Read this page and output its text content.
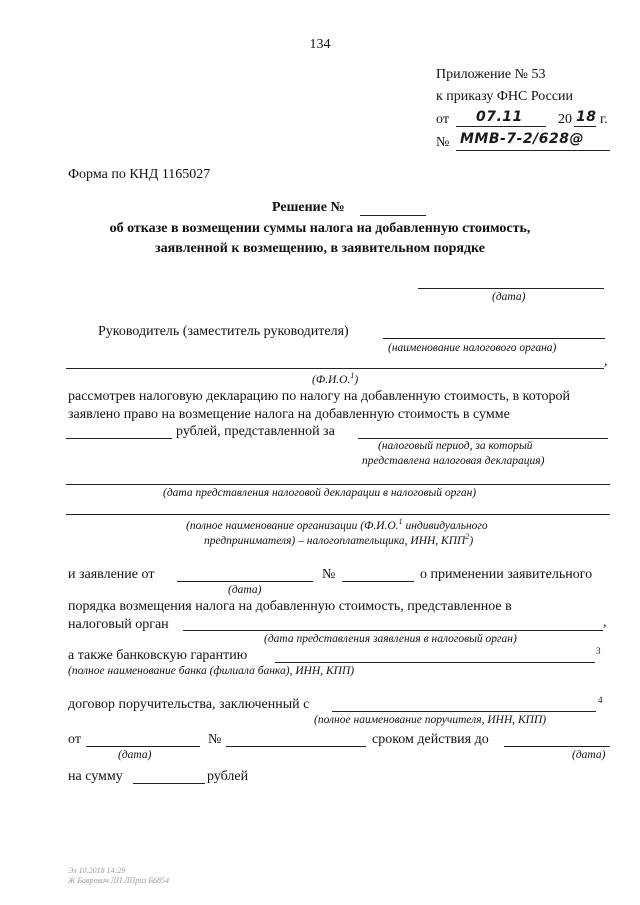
134
Приложение № 53
к приказу ФНС России
от 07.11	20 18 г.
№ ММВ-7-2/628@
Форма по КНД 1165027
Решение №
об отказе в возмещении суммы налога на добавленную стоимость,
заявленной к возмещению, в заявительном порядке
(дата)
Руководитель (заместитель руководителя)
(наименование налогового органа)
,
(Ф.И.О.$^1$)
рассмотрев налоговую декларацию по налогу на добавленную стоимость, в которой
заявлено право на возмещение налога на добавленную стоимость в сумме
рублей, представленной за
(налоговый период, за который
представлена налоговая декларация)
(дата представления налоговой декларации в налоговый орган)
(полное наименование организации (Ф.И.О.$^1$ индивидуального
предпринимателя) – налогоплательщика, ИНН, КПП$^2$)
и заявление от
(дата)
№	о применении заявительного
порядка возмещения налога на добавленную стоимость, представленное в
налоговый орган	,
(дата представления заявления в налоговый орган)
а также банковскую гарантию	3
(полное наименование банка (филиала банка), ИНН, КПП)
договор поручительства, заключенный с	4
(полное наименование поручителя, ИНН, КПП)
от
(дата)
№	сроком действия до
(дата)
на сумму	рублей
Эл 10.2018 14:29
Ж Баврович ЛП ЛПриз Б6854
